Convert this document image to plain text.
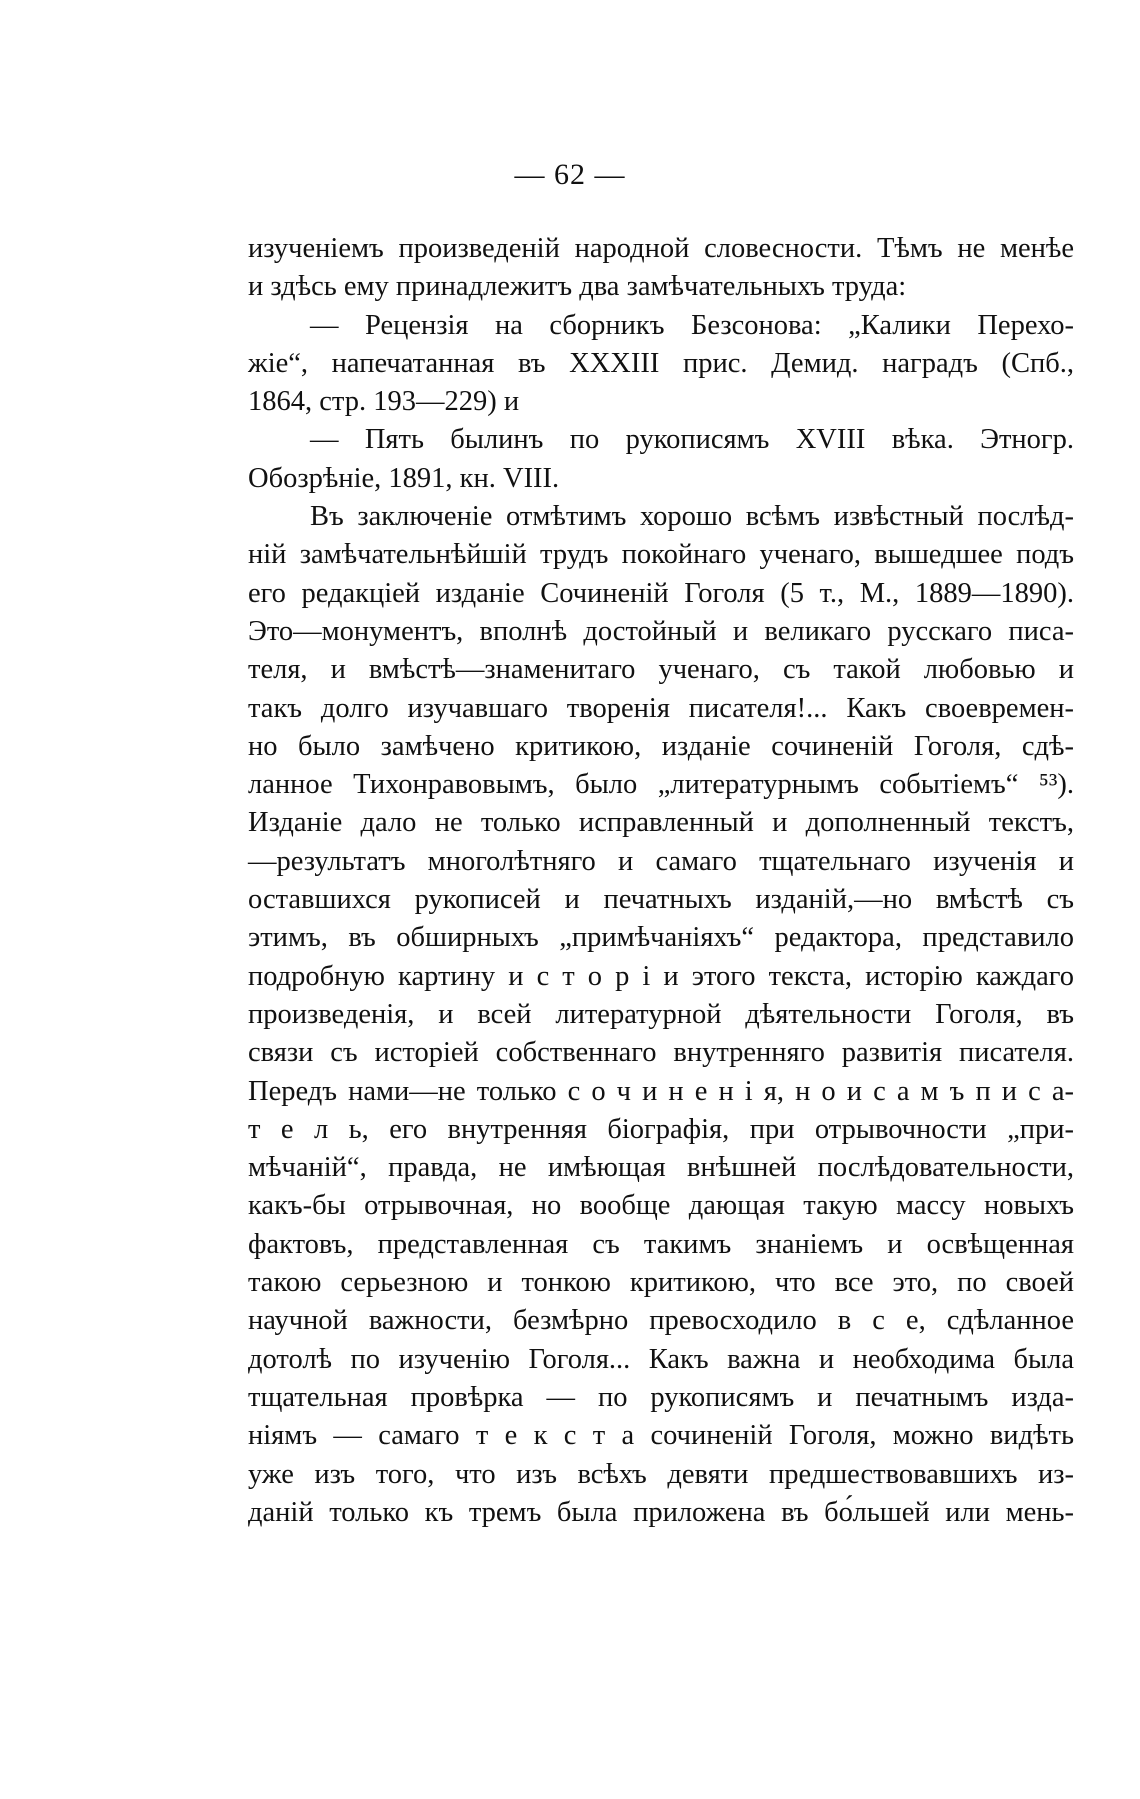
— 62 —
изученіемъ произведеній народной словесности. Тѣмъ не менѣе
и здѣсь ему принадлежитъ два замѣчательныхъ труда:
— Рецензія на сборникъ Безсонова: „Калики Перехо-
жіе“, напечатанная въ XXXIII прис. Демид. наградъ (Спб.,
1864, стр. 193—229) и
— Пять былинъ по рукописямъ XVIII вѣка. Этногр.
Обозрѣніе, 1891, кн. VIII.
Въ заключеніе отмѣтимъ хорошо всѣмъ извѣстный послѣд-
ній замѣчательнѣйшій трудъ покойнаго ученаго, вышедшее подъ
его редакціей изданіе Сочиненій Гоголя (5 т., М., 1889—1890).
Это—монументъ, вполнѣ достойный и великаго русскаго писа-
теля, и вмѣстѣ—знаменитаго ученаго, съ такой любовью и
такъ долго изучавшаго творенія писателя!... Какъ своевремен-
но было замѣчено критикою, изданіе сочиненій Гоголя, сдѣ-
ланное Тихонравовымъ, было „литературнымъ событіемъ“ ⁵³).
Изданіе дало не только исправленный и дополненный текстъ,
—результатъ многолѣтняго и самаго тщательнаго изученія и
оставшихся рукописей и печатныхъ изданій,—но вмѣстѣ съ
этимъ, въ обширныхъ „примѣчаніяхъ“ редактора, представило
подробную картину и с т о р і и этого текста, исторію каждаго
произведенія, и всей литературной дѣятельности Гоголя, въ
связи съ исторіей собственнаго внутренняго развитія писателя.
Передъ нами—не только с о ч и н е н і я, н о и с а м ъ п и с а-
т е л ь, его внутренняя біографія, при отрывочности „при-
мѣчаній“, правда, не имѣющая внѣшней послѣдовательности,
какъ-бы отрывочная, но вообще дающая такую массу новыхъ
фактовъ, представленная съ такимъ знаніемъ и освѣщенная
такою серьезною и тонкою критикою, что все это, по своей
научной важности, безмѣрно превосходило в с е, сдѣланное
дотолѣ по изученію Гоголя... Какъ важна и необходима была
тщательная провѣрка — по рукописямъ и печатнымъ изда-
ніямъ — самаго т е к с т а сочиненій Гоголя, можно видѣть
уже изъ того, что изъ всѣхъ девяти предшествовавшихъ из-
даній только къ тремъ была приложена въ бо́льшей или мень-
